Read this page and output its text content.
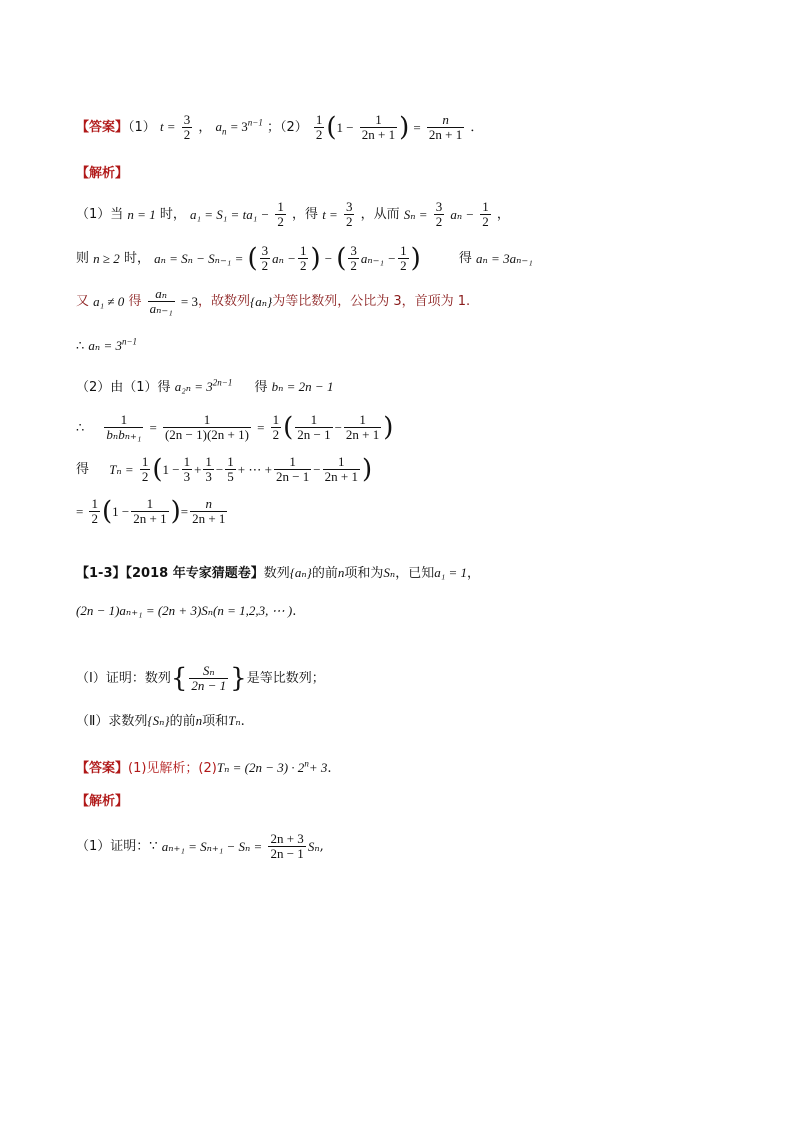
【答案】（1） $t = \frac{3}{2}$ ， $a_n = 3^{n-1}$ ；$(2) \frac{1}{2} (1 - \frac{1}{2n + 1}$ ) = $\frac{n}{2n + 1}$ ．
【解析】
（1）当 n = 1 时， $a_1 = S_1 = ta_1 - \frac{1}{2}$ ，得 $t = \frac{3}{2}$ ，从而 $S_n = \frac{3}{2}$ $a_n - \frac{1}{2}$ ，
则 n ≥ 2 时， aₙ = Sₙ − Sₙ₋₁ = ( $\frac{3}{2}$ $a_n - \frac{1}{2}$ ) − ( $\frac{3}{2} a_{n-1} - \frac{1}{2}$ )	得 aₙ = 3aₙ₋₁
又 a₁ ≠ 0 得 $\frac{\text{aₙ}}{\text{aₙ₋₁}} = 3$，故数列{aₙ}为等比数列，公比为 3，首项为 1.
∴ $a_n = 3^{n-1}$
（2）由（1）得 $a_{2n} = 3^{2n-1}$ 得 bₙ = 2n − 1
∴ $\frac{1}{\text{bₙbₙ₊₁}} = \frac{1}{(2n - 1)(2n + 1)} = \frac{1}{2}$ ( $\frac{1}{2n - 1} - \frac{1}{2n + 1}$ )
得 $T_n = \frac{1}{2} (1 - \frac{1}{3} + \frac{1}{3} - \frac{1}{5}$ + ⋯ + $\frac{1}{2n - 1} - \frac{1}{2n + 1}$ )
= $\frac{1}{2} (1 - \frac{1}{2n + 1}$ )= $\frac{n}{2n + 1}$
【1-3】【2018 年专家猜题卷】数列{aₙ}的前n项和为Sₙ，已知a₁ = 1，
(2n − 1)aₙ₊₁ = (2n + 3)Sₙ(n = 1,2,3, ⋯ ).
（Ⅰ）证明：数列{ $\frac{\text{Sₙ}}{2n - 1}$ }是等比数列；
（Ⅱ）求数列{Sₙ}的前n项和Tₙ.
【答案】(1)见解析；$(2)T_n = (2n - 3) \cdot 2^n+ 3$.
【解析】
（1）证明：∵ $a_{n+1} = S_{n+1} - S_n = \frac{2n + 3}{2n - 1} S_n$,
